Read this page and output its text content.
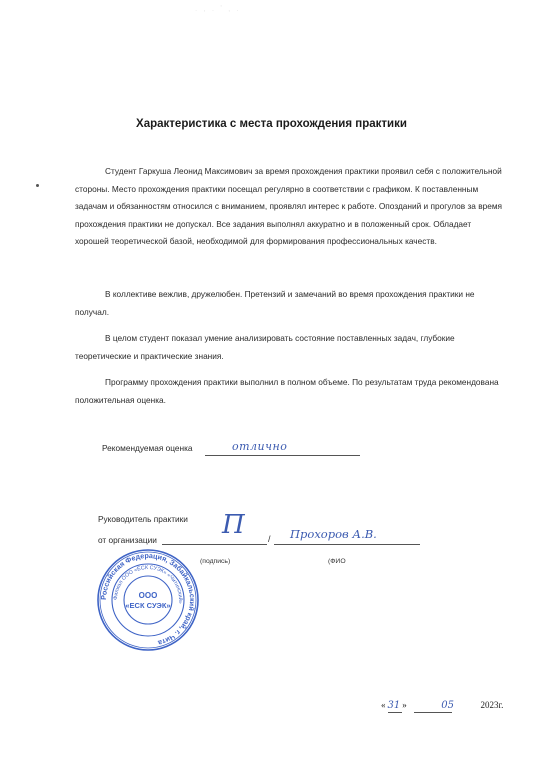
. , . ' , .
Характеристика с места прохождения практики
Студент Гаркуша Леонид Максимович за время прохождения практики проявил себя с положительной стороны. Место прохождения практики посещал регулярно в соответствии с графиком. К поставленным задачам и обязанностям относился с вниманием, проявлял интерес к работе. Опозданий и прогулов за время прохождения практики не допускал. Все задания выполнял аккуратно и в положенный срок. Обладает хорошей теоретической базой, необходимой для формирования профессиональных качеств.
В коллективе вежлив, дружелюбен. Претензий и замечаний во время прохождения практики не получал.
В целом студент показал умение анализировать состояние поставленных задач, глубокие теоретические и практические знания.
Программу прохождения практики выполнил в полном объеме. По результатам труда рекомендована положительная оценка.
Рекомендуемая оценка	отлично
Руководитель практики
от организации	/
П	Прохоров А.В.
(подпись)	(ФИО
Российская Федерация, Забайкальский край, г. Чита
Филиал ООО «ЕСК СУЭК» «Читинский»
ООО
«ЕСК СУЭК»
« 31 »	05	2023г.
